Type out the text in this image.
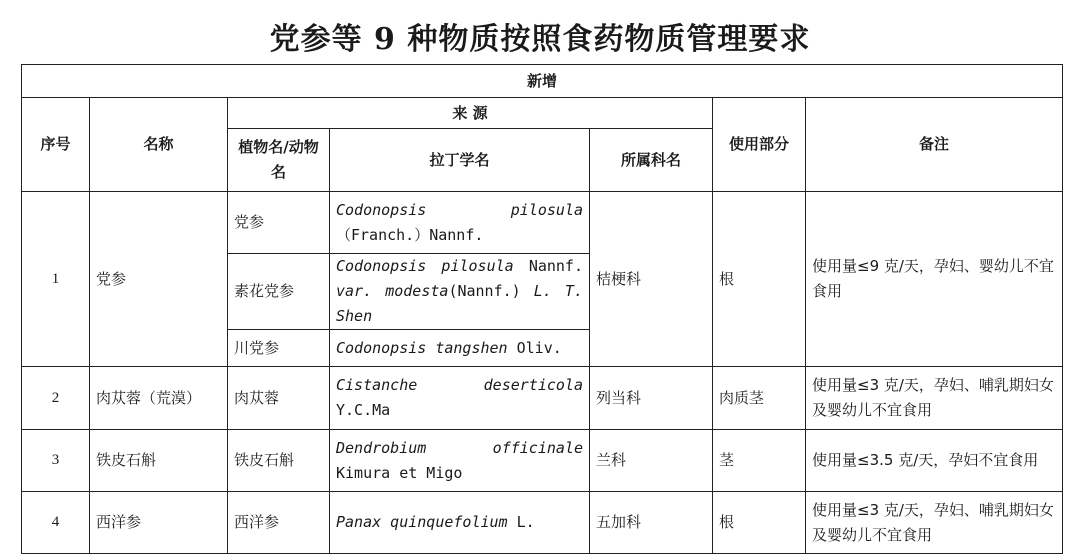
党参等 9 种物质按照食药物质管理要求
新增						
序号	名称	来 源			使用部分	备注
		植物名/动物名	拉丁学名	所属科名		
1	党参	党参	Codonopsis pilosula（Franch.）Nannf.	桔梗科	根	使用量≤9 克/天，孕妇、婴幼儿不宜食用
		素花党参	Codonopsis pilosula Nannf. var. modesta(Nannf.) L. T. Shen			
		川党参	Codonopsis tangshen Oliv.			
2	肉苁蓉（荒漠）	肉苁蓉	Cistanche deserticola Y.C.Ma	列当科	肉质茎	使用量≤3 克/天，孕妇、哺乳期妇女及婴幼儿不宜食用
3	铁皮石斛	铁皮石斛	Dendrobium officinale Kimura et Migo	兰科	茎	使用量≤3.5 克/天，孕妇不宜食用
4	西洋参	西洋参	Panax quinquefolium L.	五加科	根	使用量≤3 克/天，孕妇、哺乳期妇女及婴幼儿不宜食用
